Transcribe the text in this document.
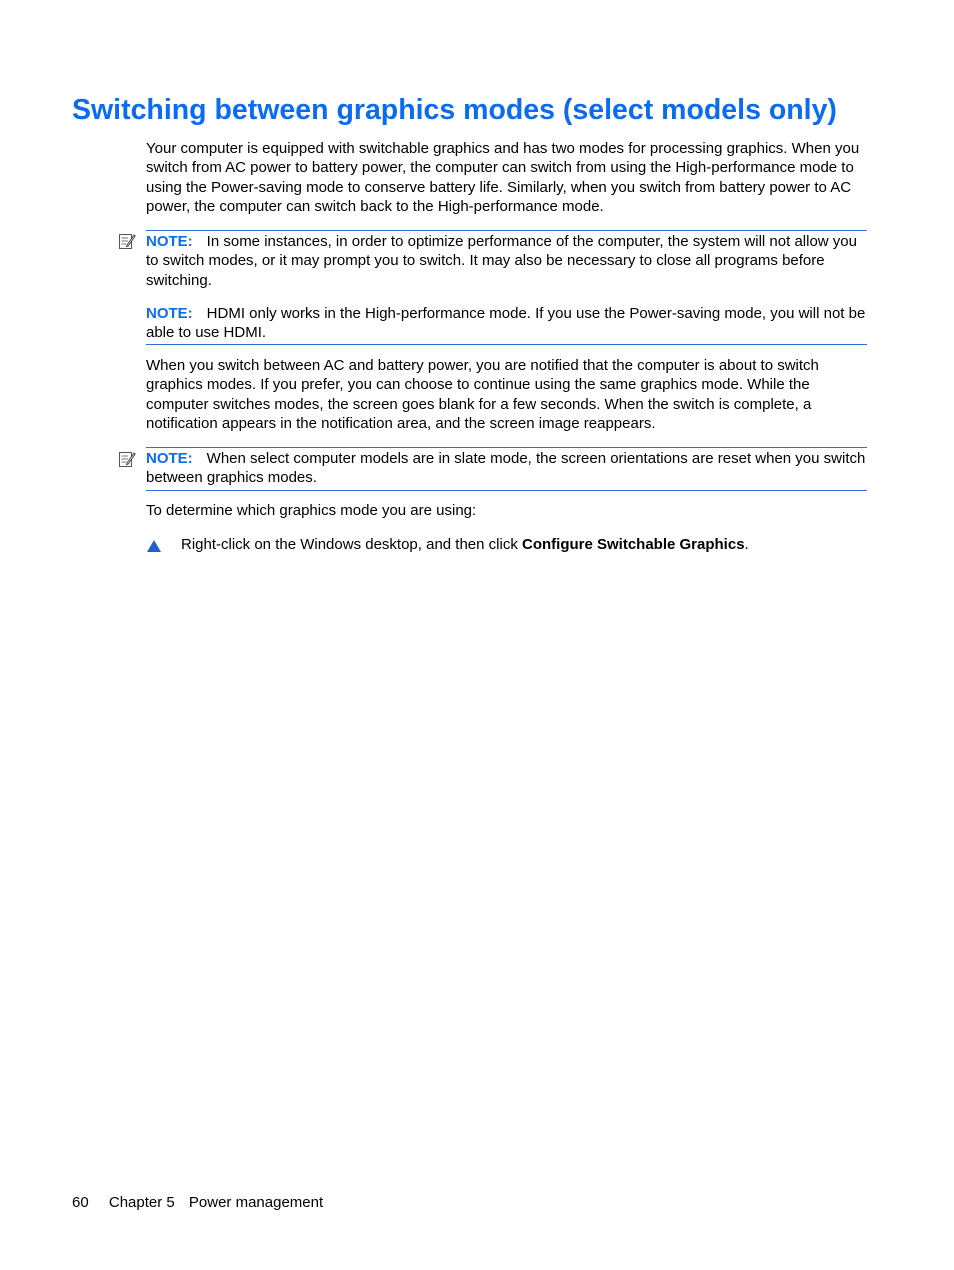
Switching between graphics modes (select models only)

Your computer is equipped with switchable graphics and has two modes for processing graphics. When you switch from AC power to battery power, the computer can switch from using the High-performance mode to using the Power-saving mode to conserve battery life. Similarly, when you switch from battery power to AC power, the computer can switch back to the High-performance mode.

NOTE: In some instances, in order to optimize performance of the computer, the system will not allow you to switch modes, or it may prompt you to switch. It may also be necessary to close all programs before switching.

NOTE: HDMI only works in the High-performance mode. If you use the Power-saving mode, you will not be able to use HDMI.

When you switch between AC and battery power, you are notified that the computer is about to switch graphics modes. If you prefer, you can choose to continue using the same graphics mode. While the computer switches modes, the screen goes blank for a few seconds. When the switch is complete, a notification appears in the notification area, and the screen image reappears.

NOTE: When select computer models are in slate mode, the screen orientations are reset when you switch between graphics modes.

To determine which graphics mode you are using:

Right-click on the Windows desktop, and then click Configure Switchable Graphics.
60 Chapter 5 Power management
